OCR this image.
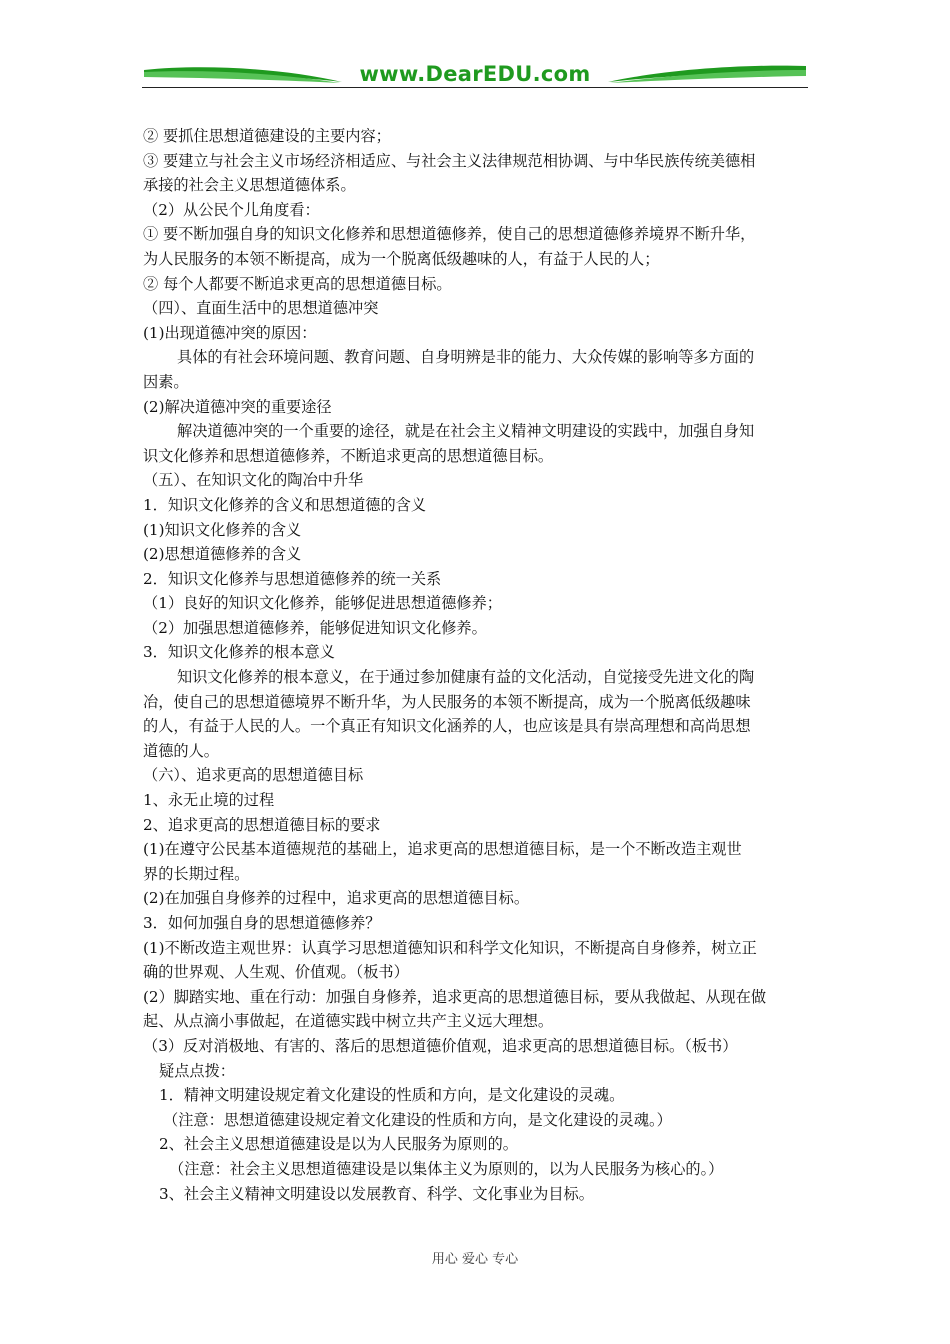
www.DearEDU.com

② 要抓住思想道德建设的主要内容；

③ 要建立与社会主义市场经济相适应、与社会主义法律规范相协调、与中华民族传统美德相

承接的社会主义思想道德体系。

（2）从公民个儿角度看：

① 要不断加强自身的知识文化修养和思想道德修养，使自己的思想道德修养境界不断升华，

为人民服务的本领不断提高，成为一个脱离低级趣味的人，有益于人民的人；

② 每个人都要不断追求更高的思想道德目标。

（四）、直面生活中的思想道德冲突

(1)出现道德冲突的原因：

具体的有社会环境问题、教育问题、自身明辨是非的能力、大众传媒的影响等多方面的

因素。

(2)解决道德冲突的重要途径

解决道德冲突的一个重要的途径，就是在社会主义精神文明建设的实践中，加强自身知

识文化修养和思想道德修养，不断追求更高的思想道德目标。

（五）、在知识文化的陶冶中升华

1．知识文化修养的含义和思想道德的含义

(1)知识文化修养的含义

(2)思想道德修养的含义

2．知识文化修养与思想道德修养的统一关系

（1）良好的知识文化修养，能够促进思想道德修养；

（2）加强思想道德修养，能够促进知识文化修养。

3．知识文化修养的根本意义

知识文化修养的根本意义，在于通过参加健康有益的文化活动，自觉接受先进文化的陶

冶，使自己的思想道德境界不断升华，为人民服务的本领不断提高，成为一个脱离低级趣味

的人，有益于人民的人。一个真正有知识文化涵养的人，也应该是具有崇高理想和高尚思想

道德的人。

（六）、追求更高的思想道德目标

1、永无止境的过程

2、追求更高的思想道德目标的要求

(1)在遵守公民基本道德规范的基础上，追求更高的思想道德目标，是一个不断改造主观世

界的长期过程。

(2)在加强自身修养的过程中，追求更高的思想道德目标。

3．如何加强自身的思想道德修养？

(1)不断改造主观世界：认真学习思想道德知识和科学文化知识，不断提高自身修养，树立正

确的世界观、人生观、价值观。（板书）

(2）脚踏实地、重在行动：加强自身修养，追求更高的思想道德目标，要从我做起、从现在做

起、从点滴小事做起，在道德实践中树立共产主义远大理想。

（3）反对消极地、有害的、落后的思想道德价值观，追求更高的思想道德目标。（板书）

疑点点拨：

1．精神文明建设规定着文化建设的性质和方向，是文化建设的灵魂。

（注意：思想道德建设规定着文化建设的性质和方向，是文化建设的灵魂。）

2、社会主义思想道德建设是以为人民服务为原则的。

（注意：社会主义思想道德建设是以集体主义为原则的，以为人民服务为核心的。）

3、社会主义精神文明建设以发展教育、科学、文化事业为目标。

用心 爱心 专心
